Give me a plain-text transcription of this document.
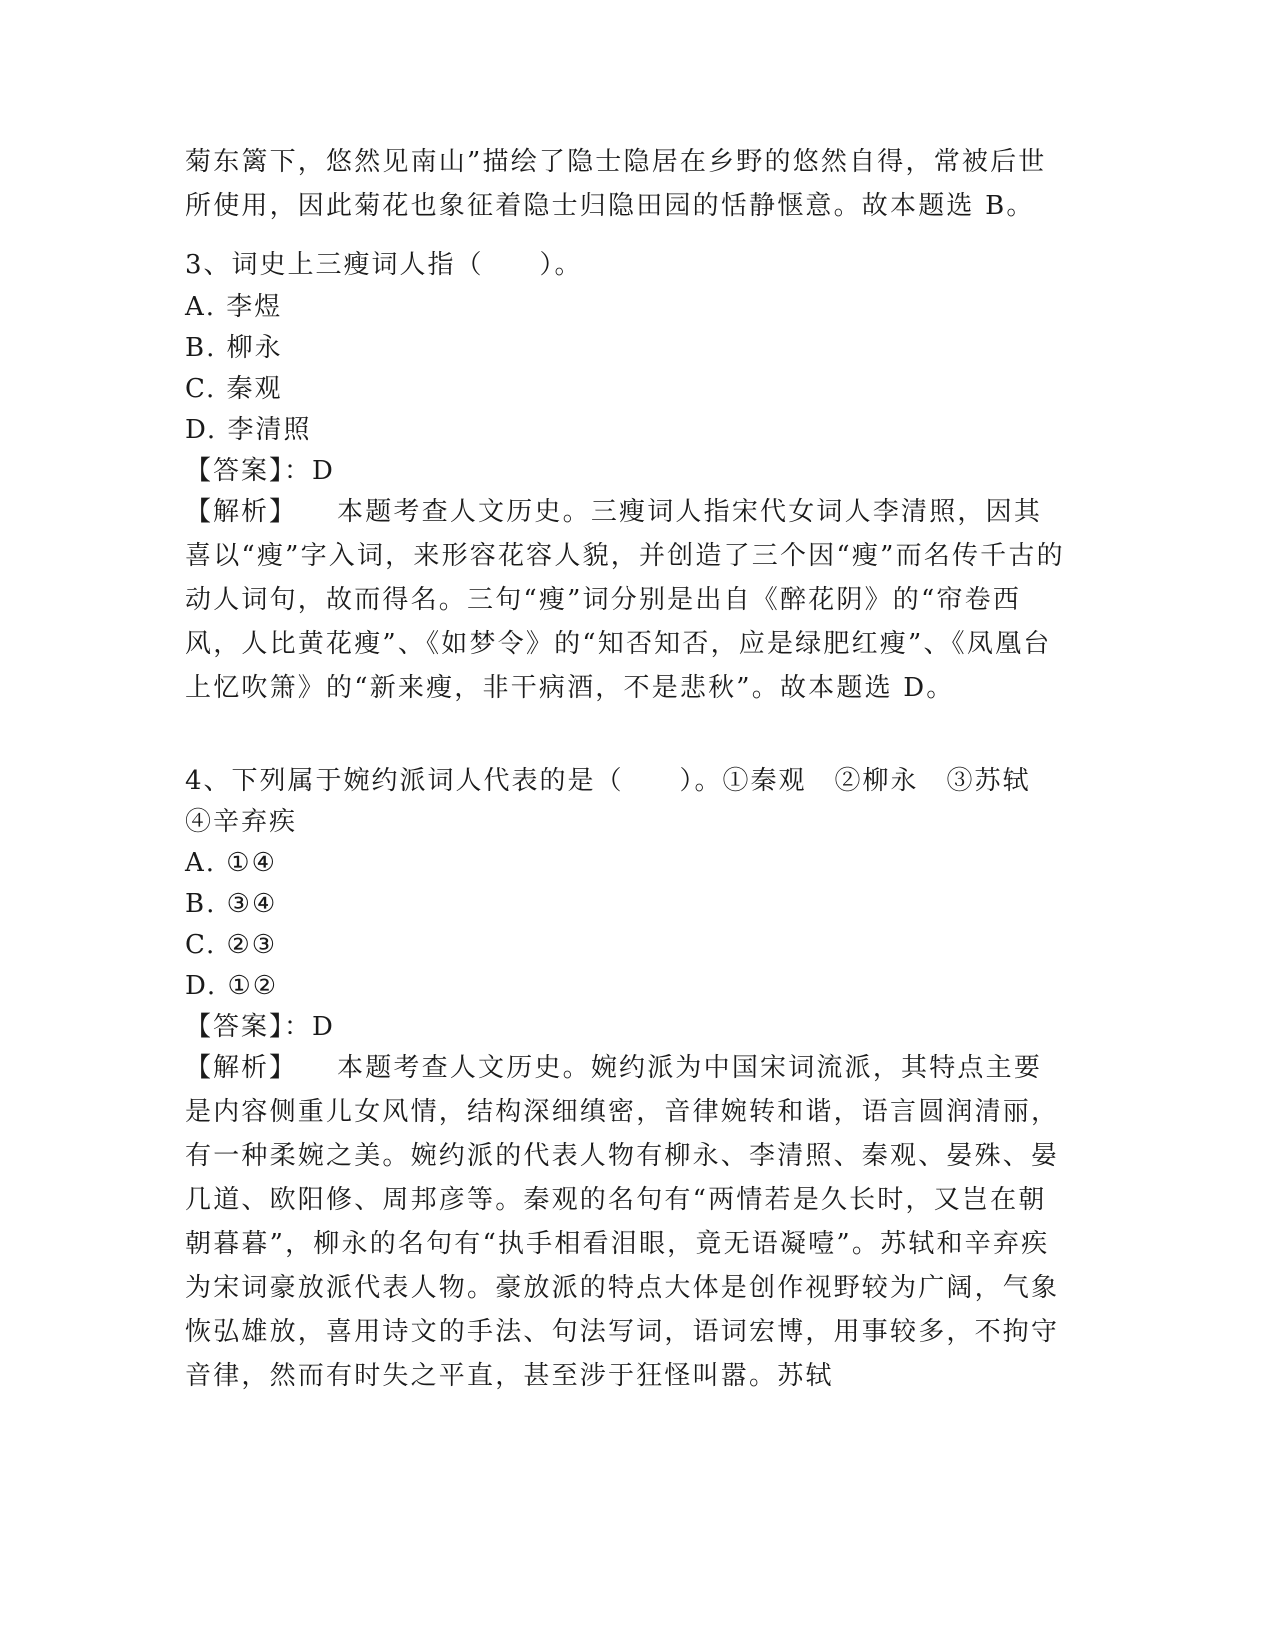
菊东篱下，悠然见南山”描绘了隐士隐居在乡野的悠然自得，常被后世所使用，因此菊花也象征着隐士归隐田园的恬静惬意。故本题选 B。

3、词史上三瘦词人指（　　）。

A. 李煜

B. 柳永

C. 秦观

D. 李清照

【答案】：D

【解析】 本题考查人文历史。三瘦词人指宋代女词人李清照，因其喜以“瘦”字入词，来形容花容人貌，并创造了三个因“瘦”而名传千古的动人词句，故而得名。三句“瘦”词分别是出自《醉花阴》的“帘卷西风，人比黄花瘦”、《如梦令》的“知否知否，应是绿肥红瘦”、《凤凰台上忆吹箫》的“新来瘦，非干病酒，不是悲秋”。故本题选 D。

4、下列属于婉约派词人代表的是（　　）。①秦观　②柳永　③苏轼

④辛弃疾

A. ①④

B. ③④

C. ②③

D. ①②

【答案】：D

【解析】 本题考查人文历史。婉约派为中国宋词流派，其特点主要是内容侧重儿女风情，结构深细缜密，音律婉转和谐，语言圆润清丽，有一种柔婉之美。婉约派的代表人物有柳永、李清照、秦观、晏殊、晏几道、欧阳修、周邦彦等。秦观的名句有“两情若是久长时，又岂在朝朝暮暮”，柳永的名句有“执手相看泪眼，竟无语凝噎”。苏轼和辛弃疾为宋词豪放派代表人物。豪放派的特点大体是创作视野较为广阔，气象恢弘雄放，喜用诗文的手法、句法写词，语词宏博，用事较多，不拘守音律，然而有时失之平直，甚至涉于狂怪叫嚣。苏轼
